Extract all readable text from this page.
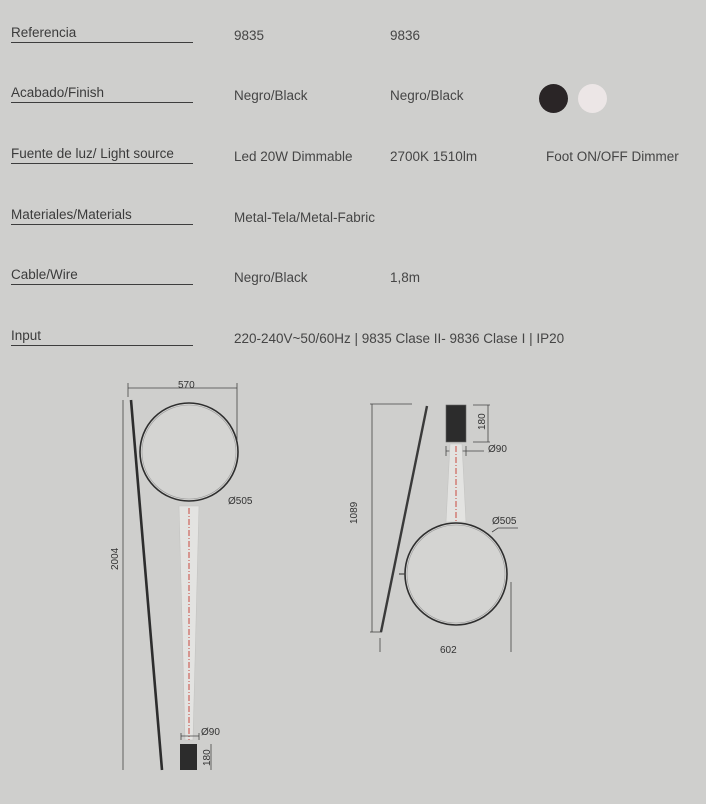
Referencia	9835	9836
Acabado/Finish	Negro/Black	Negro/Black
Fuente de luz/ Light source	Led 20W Dimmable	2700K 1510lm	Foot ON/OFF Dimmer
Materiales/Materials	Metal-Tela/Metal-Fabric
Cable/Wire	Negro/Black	1,8m
Input	220-240V~50/60Hz | 9835 Clase II- 9836 Clase I | IP20
570
2004
Ø505
Ø90
180
1089
180
Ø90
Ø505
602
